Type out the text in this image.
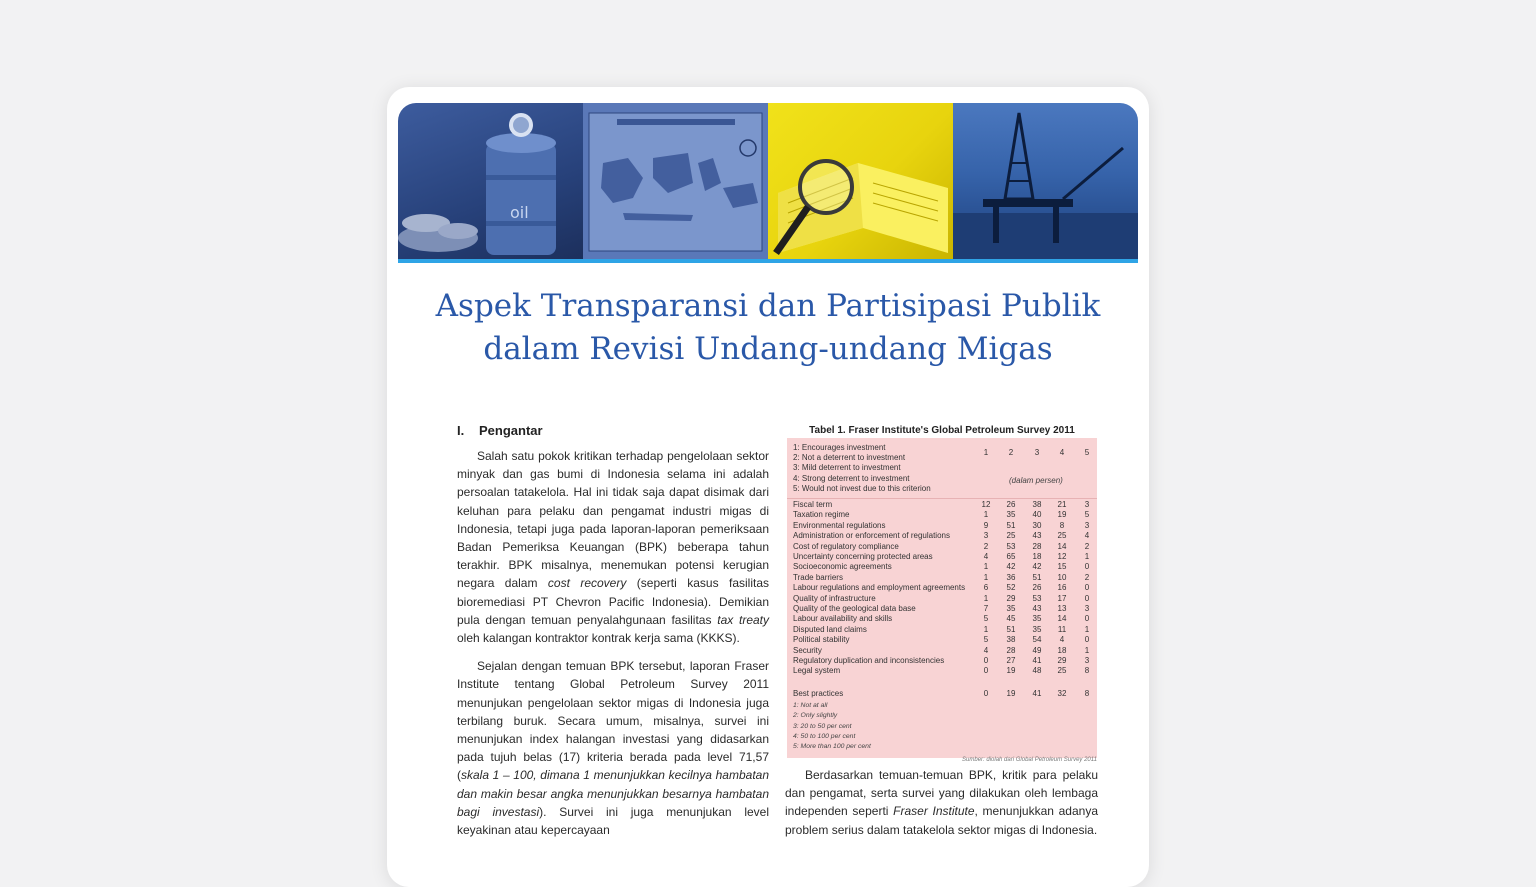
oil
Aspek Transparansi dan Partisipasi Publik
dalam Revisi Undang-undang Migas
I. Pengantar

Salah satu pokok kritikan terhadap pengelolaan sektor minyak dan gas bumi di Indonesia selama ini adalah persoalan tatakelola. Hal ini tidak saja dapat disimak dari keluhan para pelaku dan pengamat industri migas di Indonesia, tetapi juga pada laporan-laporan pemeriksaan Badan Pemeriksa Keuangan (BPK) beberapa tahun terakhir. BPK misalnya, menemukan potensi kerugian negara dalam cost recovery (seperti kasus fasilitas bioremediasi PT Chevron Pacific Indonesia). Demikian pula dengan temuan penyalahgunaan fasilitas tax treaty oleh kalangan kontraktor kontrak kerja sama (KKKS).

Sejalan dengan temuan BPK tersebut, laporan Fraser Institute tentang Global Petroleum Survey 2011 menunjukan pengelolaan sektor migas di Indonesia juga terbilang buruk. Secara umum, misalnya, survei ini menunjukan index halangan investasi yang didasarkan pada tujuh belas (17) kriteria berada pada level 71,57 (skala 1 – 100, dimana 1 menunjukkan kecilnya hambatan dan makin besar angka menunjukkan besarnya hambatan bagi investasi). Survei ini juga menunjukan level keyakinan atau kepercayaan

Tabel 1. Fraser Institute's Global Petroleum Survey 2011
1: Encourages investment
2: Not a deterrent to investment
3: Mild deterrent to investment
4: Strong deterrent to investment
5: Would not invest due to this criterion
(dalam persen)
1	2	3	4	5
Fiscal term	12	26	38	21	3
Taxation regime	1	35	40	19	5
Environmental regulations	9	51	30	8	3
Administration or enforcement of regulations	3	25	43	25	4
Cost of regulatory compliance	2	53	28	14	2
Uncertainty concerning protected areas	4	65	18	12	1
Socioeconomic agreements	1	42	42	15	0
Trade barriers	1	36	51	10	2
Labour regulations and employment agreements	6	52	26	16	0
Quality of infrastructure	1	29	53	17	0
Quality of the geological data base	7	35	43	13	3
Labour availability and skills	5	45	35	14	0
Disputed land claims	1	51	35	11	1
Political stability	5	38	54	4	0
Security	4	28	49	18	1
Regulatory duplication and inconsistencies	0	27	41	29	3
Legal system	0	19	48	25	8
Best practices	0	19	41	32	8
1: Not at all
2: Only slightly
3: 20 to 50 per cent
4: 50 to 100 per cent
5: More than 100 per cent
Sumber: diolah dari Global Petroleum Survey 2011

Berdasarkan temuan-temuan BPK, kritik para pelaku dan pengamat, serta survei yang dilakukan oleh lembaga independen seperti Fraser Institute, menunjukkan adanya problem serius dalam tatakelola sektor migas di Indonesia.
